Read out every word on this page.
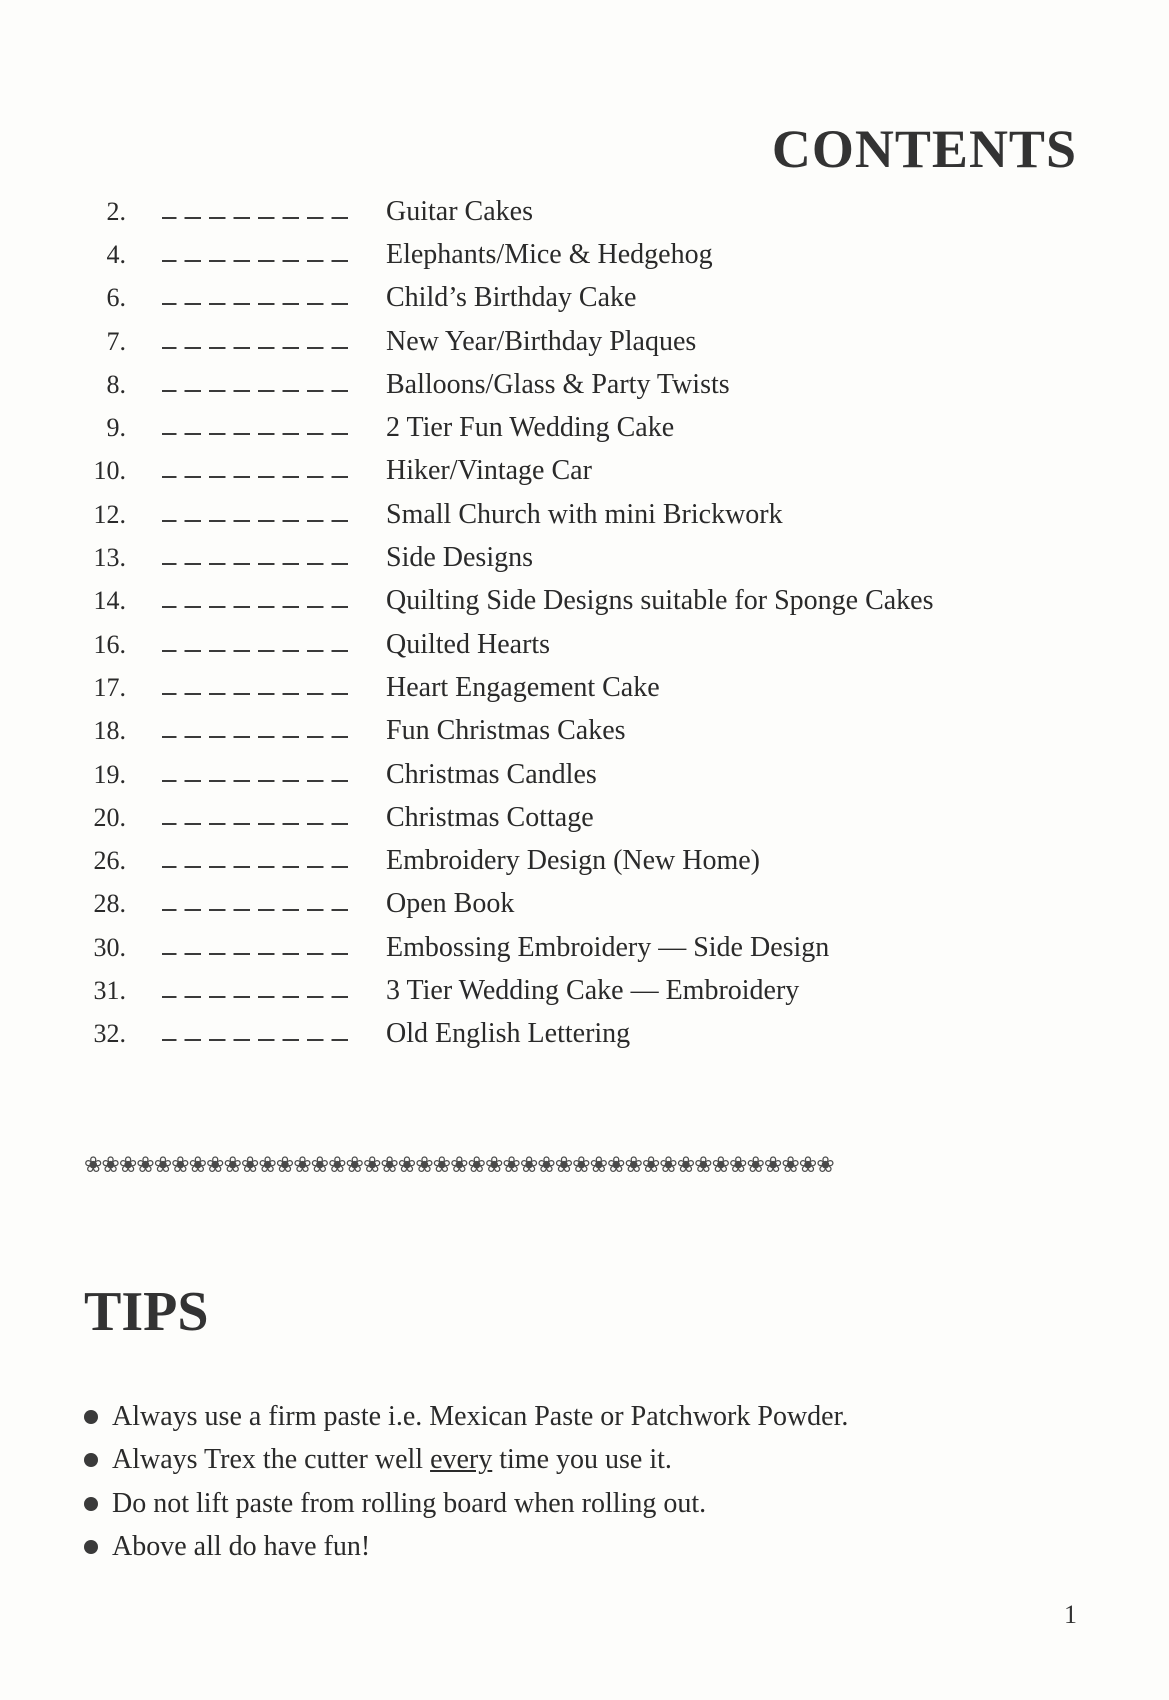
CONTENTS
2.	Guitar Cakes
4.	Elephants/Mice & Hedgehog
6.	Child’s Birthday Cake
7.	New Year/Birthday Plaques
8.	Balloons/Glass & Party Twists
9.	2 Tier Fun Wedding Cake
10.	Hiker/Vintage Car
12.	Small Church with mini Brickwork
13.	Side Designs
14.	Quilting Side Designs suitable for Sponge Cakes
16.	Quilted Hearts
17.	Heart Engagement Cake
18.	Fun Christmas Cakes
19.	Christmas Candles
20.	Christmas Cottage
26.	Embroidery Design (New Home)
28.	Open Book
30.	Embossing Embroidery — Side Design
31.	3 Tier Wedding Cake — Embroidery
32.	Old English Lettering
❀❀❀❀❀❀❀❀❀❀❀❀❀❀❀❀❀❀❀❀❀❀❀❀❀❀❀❀❀❀❀❀❀❀❀❀❀❀❀❀❀❀❀
TIPS
Always use a firm paste i.e. Mexican Paste or Patchwork Powder.
Always Trex the cutter well every time you use it.
Do not lift paste from rolling board when rolling out.
Above all do have fun!
1
